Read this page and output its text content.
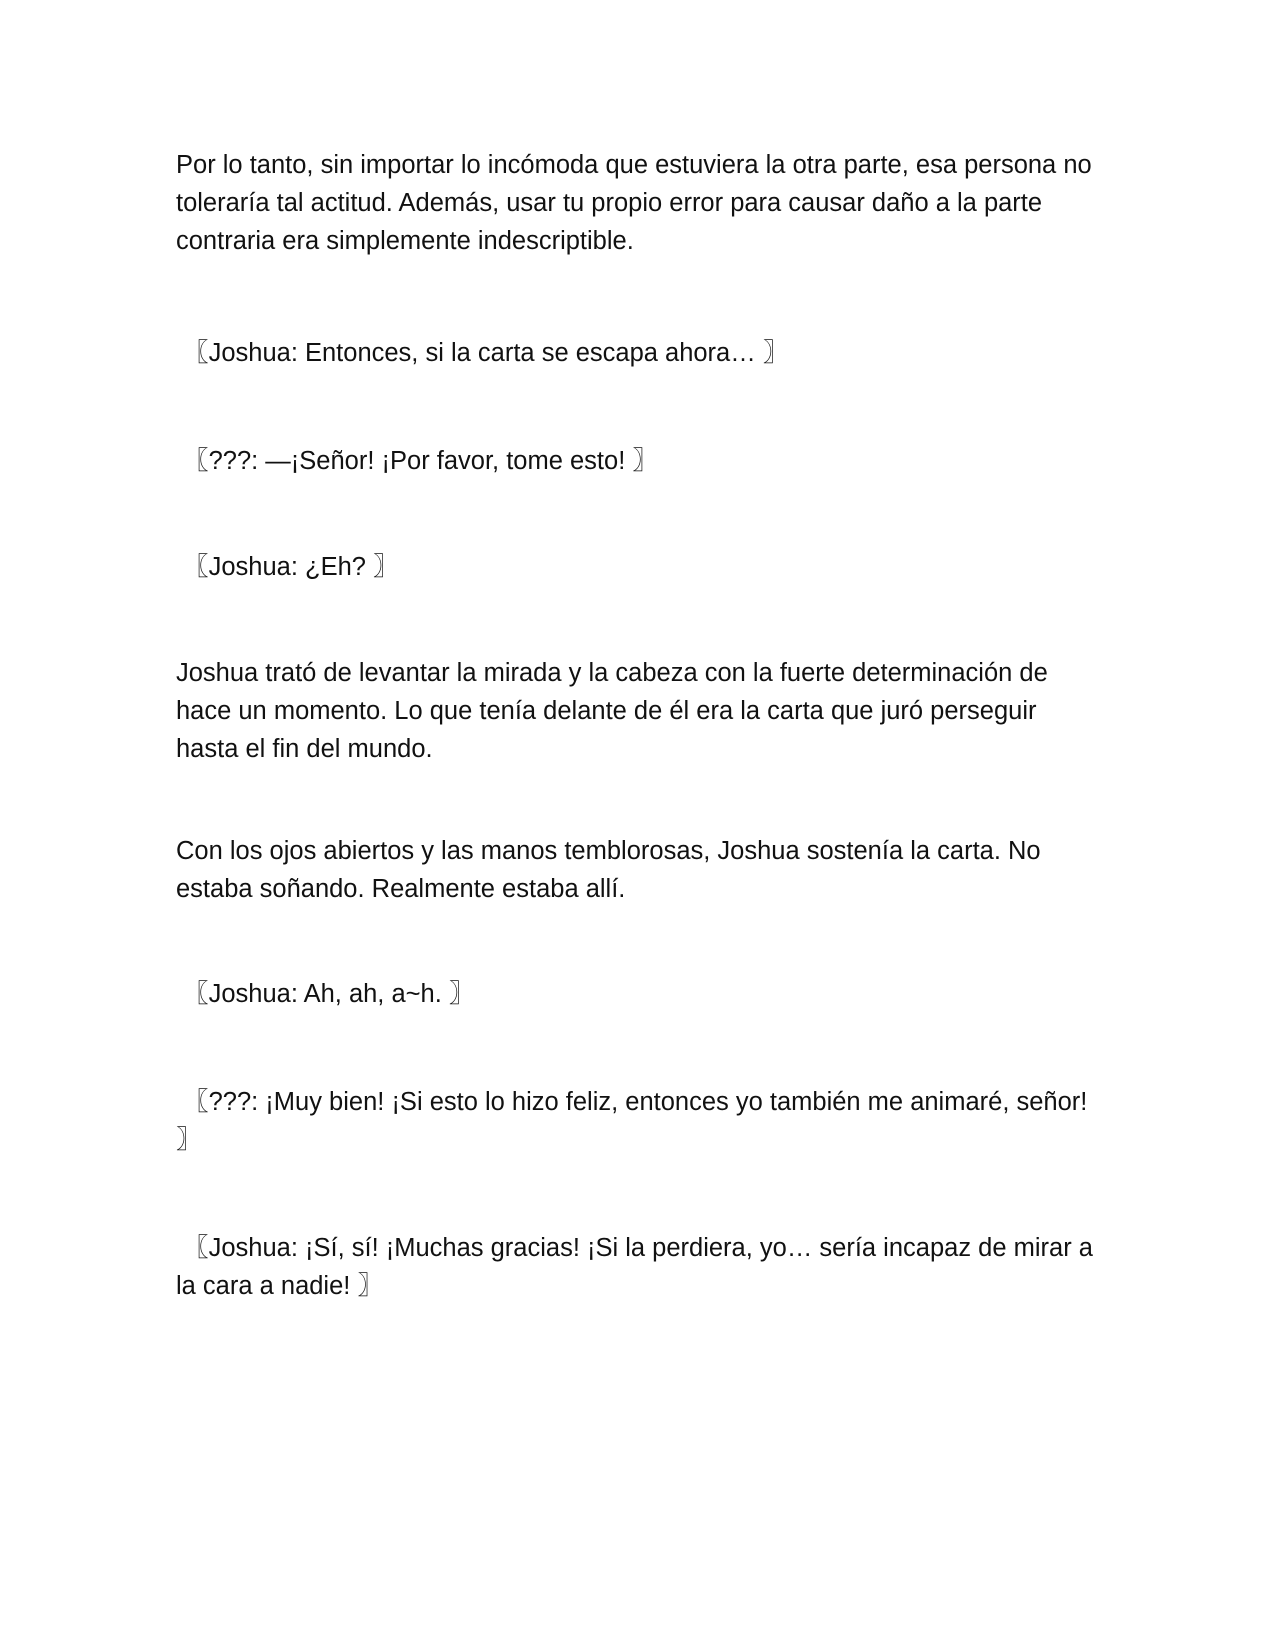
Por lo tanto, sin importar lo incómoda que estuviera la otra parte, esa persona no toleraría tal actitud. Además, usar tu propio error para causar daño a la parte contraria era simplemente indescriptible.

〖Joshua: Entonces, si la carta se escapa ahora… 〗

〖???: —¡Señor! ¡Por favor, tome esto! 〗

〖Joshua: ¿Eh? 〗

Joshua trató de levantar la mirada y la cabeza con la fuerte determinación de hace un momento. Lo que tenía delante de él era la carta que juró perseguir hasta el fin del mundo.

Con los ojos abiertos y las manos temblorosas, Joshua sostenía la carta. No estaba soñando. Realmente estaba allí.

〖Joshua: Ah, ah, a~h. 〗

〖???: ¡Muy bien! ¡Si esto lo hizo feliz, entonces yo también me animaré, señor! 〗

〖Joshua: ¡Sí, sí! ¡Muchas gracias! ¡Si la perdiera, yo… sería incapaz de mirar a la cara a nadie! 〗
